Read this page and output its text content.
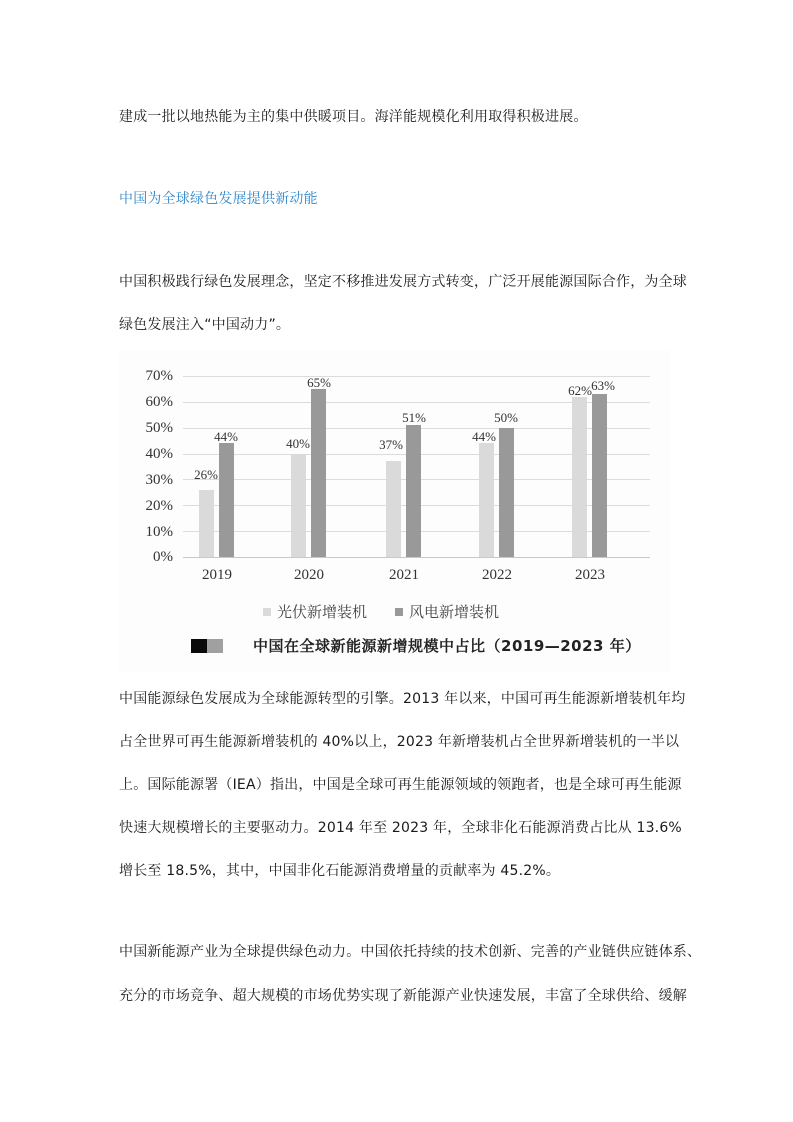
建成一批以地热能为主的集中供暖项目。海洋能规模化利用取得积极进展。
中国为全球绿色发展提供新动能
中国积极践行绿色发展理念，坚定不移推进发展方式转变，广泛开展能源国际合作，为全球
绿色发展注入“中国动力”。
70%
60%
50%
40%
30%
20%
10%
0%
26%
44%	40%
65%
37%
51%
44%
50%
62% 63%
2019	2020	2021	2022	2023
光伏新增装机	风电新增装机
中国在全球新能源新增规模中占比（2019—2023 年）
中国能源绿色发展成为全球能源转型的引擎。2013 年以来，中国可再生能源新增装机年均
占全世界可再生能源新增装机的 40%以上，2023 年新增装机占全世界新增装机的一半以
上。国际能源署（IEA）指出，中国是全球可再生能源领域的领跑者，也是全球可再生能源
快速大规模增长的主要驱动力。2014 年至 2023 年，全球非化石能源消费占比从 13.6%
增长至 18.5%，其中，中国非化石能源消费增量的贡献率为 45.2%。
中国新能源产业为全球提供绿色动力。中国依托持续的技术创新、完善的产业链供应链体系、
充分的市场竞争、超大规模的市场优势实现了新能源产业快速发展，丰富了全球供给、缓解
